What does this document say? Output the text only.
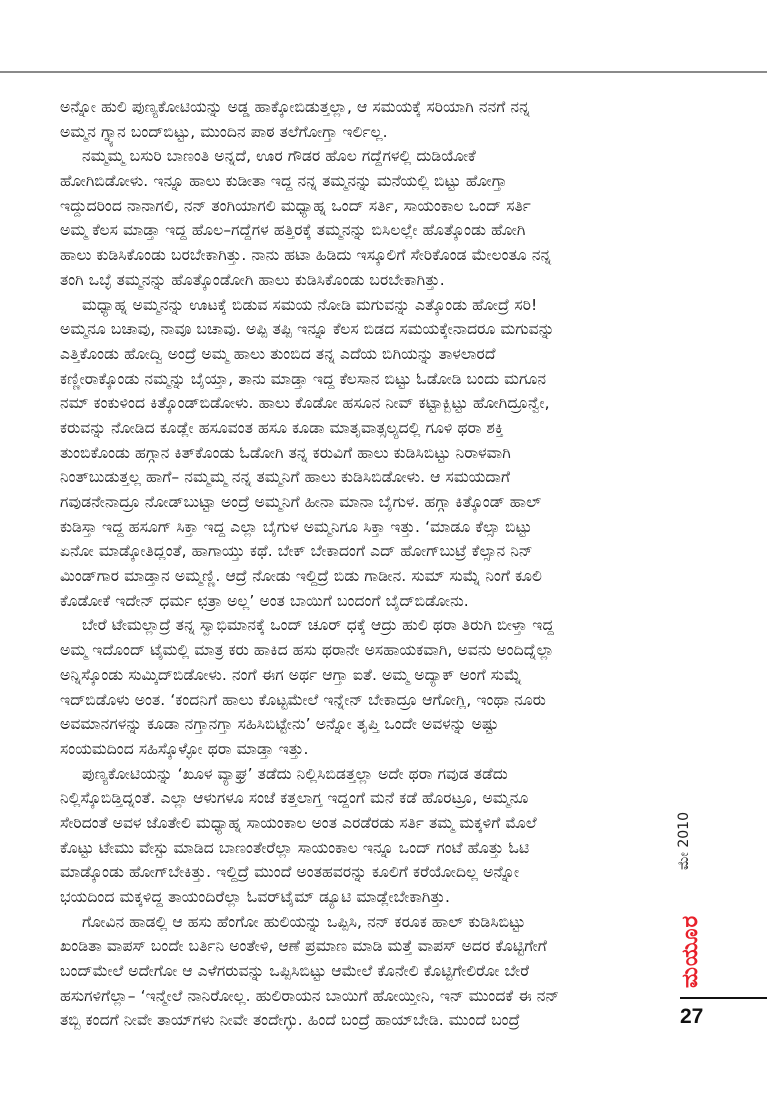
ಅನ್ನೋ ಹುಲಿ ಪುಣ್ಯಕೋಟಿಯನ್ನು ಅಡ್ಡ ಹಾಕ್ಕೋಬಿಡುತ್ತಲ್ಲಾ, ಆ ಸಮಯಕ್ಕೆ ಸರಿಯಾಗಿ ನನಗೆ ನನ್ನ
ಅಮ್ಮನ ಗ್ನ್ಯಾನ ಬಂದ್‌ಬಿಟ್ಟು, ಮುಂದಿನ ಪಾಠ ತಲೆಗೋಗ್ತಾ ಇರ್ಲಿಲ್ಲ.
ನಮ್ಮಮ್ಮ ಬಸುರಿ ಬಾಣಂತಿ ಅನ್ನದೆ, ಊರ ಗೌಡರ ಹೊಲ ಗದ್ದೆಗಳಲ್ಲಿ ದುಡಿಯೋಕೆ
ಹೋಗಿಬಿಡೋಳು. ಇನ್ನೂ ಹಾಲು ಕುಡೀತಾ ಇದ್ದ ನನ್ನ ತಮ್ಮನನ್ನು ಮನೆಯಲ್ಲಿ ಬಿಟ್ಟು ಹೋಗ್ತಾ
ಇದ್ದುದರಿಂದ ನಾನಾಗಲಿ, ನನ್ ತಂಗಿಯಾಗಲಿ ಮಧ್ಯಾಹ್ನ ಒಂದ್ ಸರ್ತಿ, ಸಾಯಂಕಾಲ ಒಂದ್ ಸರ್ತಿ
ಅಮ್ಮ ಕೆಲಸ ಮಾಡ್ತಾ ಇದ್ದ ಹೊಲ–ಗದ್ದೆಗಳ ಹತ್ತಿರಕ್ಕೆ ತಮ್ಮನನ್ನು ಬಿಸಿಲಲ್ಲೇ ಹೊತ್ಕೊಂಡು ಹೋಗಿ
ಹಾಲು ಕುಡಿಸಿಕೊಂಡು ಬರಬೇಕಾಗಿತ್ತು. ನಾನು ಹಟಾ ಹಿಡಿದು ಇಸ್ಕೂಲಿಗೆ ಸೇರಿಕೊಂಡ ಮೇಲಂತೂ ನನ್ನ
ತಂಗಿ ಒಬ್ಳೆ ತಮ್ಮನನ್ನು ಹೊತ್ಕೊಂಡೋಗಿ ಹಾಲು ಕುಡಿಸಿಕೊಂಡು ಬರಬೇಕಾಗಿತ್ತು.
ಮಧ್ಯಾಹ್ನ ಅಮ್ಮನನ್ನು ಊಟಕ್ಕೆ ಬಿಡುವ ಸಮಯ ನೋಡಿ ಮಗುವನ್ನು ಎತ್ಕೊಂಡು ಹೋದ್ರೆ ಸರಿ!
ಅಮ್ಮನೂ ಬಚಾವು, ನಾವೂ ಬಚಾವು. ಅಪ್ಪಿ ತಪ್ಪಿ ಇನ್ನೂ ಕೆಲಸ ಬಿಡದ ಸಮಯಕ್ಕೇನಾದರೂ ಮಗುವನ್ನು
ಎತ್ತಿಕೊಂಡು ಹೋದ್ವಿ ಅಂದ್ರೆ ಅಮ್ಮ ಹಾಲು ತುಂಬಿದ ತನ್ನ ಎದೆಯ ಬಿಗಿಯನ್ನು ತಾಳಲಾರದೆ
ಕಣ್ಣೀರಾಕ್ಕೊಂಡು ನಮ್ಮನ್ನು ಬೈಯ್ತಾ, ತಾನು ಮಾಡ್ತಾ ಇದ್ದ ಕೆಲಸಾನ ಬಿಟ್ಟು ಓಡೋಡಿ ಬಂದು ಮಗೂನ
ನಮ್ ಕಂಕುಳಿಂದ ಕಿತ್ಕೊಂಡ್‌ಬಿಡೋಳು. ಹಾಲು ಕೊಡೋ ಹಸೂನ ನೀವ್ ಕಟ್ಟಾಕ್ಬಿಟ್ಟು ಹೋಗಿದ್ರೂನ್ವೇ,
ಕರುವನ್ನು ನೋಡಿದ ಕೂಡ್ಲೇ ಹಸೂವಂತ ಹಸೂ ಕೂಡಾ ಮಾತೃವಾತ್ಸಲ್ಯದಲ್ಲಿ ಗೂಳಿ ಥರಾ ಶಕ್ತಿ
ತುಂಬಿಕೊಂಡು ಹಗ್ಗಾನ ಕಿತ್‌ಕೊಂಡು ಓಡೋಗಿ ತನ್ನ ಕರುವಿಗೆ ಹಾಲು ಕುಡಿಸಿಬಿಟ್ಟು ನಿರಾಳವಾಗಿ
ನಿಂತ್‌ಬುಡುತ್ತಲ್ಲ ಹಾಗೆ– ನಮ್ಮಮ್ಮ ನನ್ನ ತಮ್ಮನಿಗೆ ಹಾಲು ಕುಡಿಸಿಬಿಡೋಳು. ಆ ಸಮಯದಾಗೆ
ಗವುಡನೇನಾದ್ರೂ ನೋಡ್‌ಬುಟ್ಟಾ ಅಂದ್ರೆ ಅಮ್ಮನಿಗೆ ಹೀನಾ ಮಾನಾ ಬೈಗುಳ. ಹಗ್ಗಾ ಕಿತ್ಕೊಂಡ್ ಹಾಲ್
ಕುಡಿಸ್ತಾ ಇದ್ದ ಹಸೂಗ್ ಸಿಕ್ತಾ ಇದ್ದ ಎಲ್ಲಾ ಬೈಗುಳ ಅಮ್ಮನಿಗೂ ಸಿಕ್ತಾ ಇತ್ತು. ‘ಮಾಡೂ ಕೆಲ್ಸಾ ಬಿಟ್ಟು
ಏನೋ ಮಾಡ್ಕೋತಿದ್ಲಂತೆ, ಹಾಗಾಯ್ತು ಕಥೆ. ಬೇಕ್ ಬೇಕಾದಂಗೆ ಎದ್ ಹೋಗ್‌ಬುಟ್ರೆ ಕೆಲ್ಸಾನ ನಿನ್
ಮಿಂಡ್‌ಗಾರ ಮಾಡ್ತಾನ ಅಮ್ಮಣ್ಣಿ. ಆದ್ರೆ ನೋಡು ಇಲ್ದಿದ್ರೆ ಬಿಡು ಗಾಡೀನ. ಸುಮ್ ಸುಮ್ನೆ ನಿಂಗೆ ಕೂಲಿ
ಕೊಡೋಕೆ ಇದೇನ್ ಧರ್ಮ ಛತ್ರಾ ಅಲ್ಲ’ ಅಂತ ಬಾಯಿಗೆ ಬಂದಂಗೆ ಬೈದ್‌ಬಿಡೋನು.
ಬೇರೆ ಟೇಮಲ್ಲಾದ್ರೆ ತನ್ನ ಸ್ವಾಭಿಮಾನಕ್ಕೆ ಒಂದ್ ಚೂರ್ ಧಕ್ಕೆ ಆದ್ರು ಹುಲಿ ಥರಾ ತಿರುಗಿ ಬೀಳ್ತಾ ಇದ್ದ
ಅಮ್ಮ ಇದೊಂದ್ ಟೈಮಲ್ಲಿ ಮಾತ್ರ ಕರು ಹಾಕಿದ ಹಸು ಥರಾನೇ ಅಸಹಾಯಕವಾಗಿ, ಅವನು ಅಂದಿದ್ನೆಲ್ಲಾ
ಅನ್ನಿಸ್ಕೊಂಡು ಸುಮ್ಕಿದ್‌ಬಿಡೋಳು. ನಂಗೆ ಈಗ ಅರ್ಥ ಆಗ್ತಾ ಐತೆ. ಅಮ್ಮ ಅದ್ಯಾಕ್ ಅಂಗೆ ಸುಮ್ನೆ
ಇದ್‌ಬಿಡೊಳು ಅಂತ. ‘ಕಂದನಿಗೆ ಹಾಲು ಕೊಟ್ಟಮೇಲೆ ಇನ್ನೇನ್ ಬೇಕಾದ್ರೂ ಆಗೋಗ್ಲಿ, ಇಂಥಾ ನೂರು
ಅವಮಾನಗಳನ್ನು ಕೂಡಾ ನಗ್ತಾನಗ್ತಾ ಸಹಿಸಿಬಿಟ್ಟೇನು’ ಅನ್ನೋ ತೃಪ್ತಿ ಒಂದೇ ಅವಳನ್ನು ಅಷ್ಟು
ಸಂಯಮದಿಂದ ಸಹಿಸ್ಕೊಳ್ಳೋ ಥರಾ ಮಾಡ್ತಾ ಇತ್ತು.
ಪುಣ್ಯಕೋಟಿಯನ್ನು ‘ಖೂಳ ವ್ಯಾಘ್ರ’ ತಡೆದು ನಿಲ್ಲಿಸಿಬಿಡತ್ತಲ್ಲಾ ಅದೇ ಥರಾ ಗವುಡ ತಡೆದು
ನಿಲ್ಲಿಸ್ಕೊಬಿಡ್ತಿದ್ನಂತೆ. ಎಲ್ಲಾ ಆಳುಗಳೂ ಸಂಜೆ ಕತ್ತಲಾಗ್ತ ಇದ್ದಂಗೆ ಮನೆ ಕಡೆ ಹೊರಟ್ರೂ, ಅಮ್ಮನೂ
ಸೇರಿದಂತೆ ಅವಳ ಜೊತೇಲಿ ಮಧ್ಯಾಹ್ನ ಸಾಯಂಕಾಲ ಅಂತ ಎರಡೆರಡು ಸರ್ತಿ ತಮ್ಮ ಮಕ್ಕಳಿಗೆ ಮೊಲೆ
ಕೊಟ್ಟು ಟೇಮು ವೇಸ್ಟು ಮಾಡಿದ ಬಾಣಂತೇರೆಲ್ಲಾ ಸಾಯಂಕಾಲ ಇನ್ನೂ ಒಂದ್ ಗಂಟೆ ಹೊತ್ತು ಓಟಿ
ಮಾಡ್ಕೊಂಡು ಹೋಗ್‌ಬೇಕಿತ್ತು. ಇಲ್ದಿದ್ರೆ ಮುಂದೆ ಅಂತಹವರನ್ನು ಕೂಲಿಗೆ ಕರೆಯೋದಿಲ್ಲ ಅನ್ನೋ
ಭಯದಿಂದ ಮಕ್ಕಳಿದ್ದ ತಾಯಂದಿರೆಲ್ಲಾ ಓವರ್‌ಟೈಮ್ ಡ್ಯೂಟಿ ಮಾಡ್ಲೇಬೇಕಾಗಿತ್ತು.
ಗೋವಿನ ಹಾಡಲ್ಲಿ ಆ ಹಸು ಹೆಂಗೋ ಹುಲಿಯನ್ನು ಒಪ್ಪಿಸಿ, ನನ್ ಕರೂಕ ಹಾಲ್ ಕುಡಿಸಿಬಿಟ್ಟು
ಖಂಡಿತಾ ವಾಪಸ್ ಬಂದೇ ಬರ್ತಿನಿ ಅಂತೇಳಿ, ಆಣೆ ಪ್ರಮಾಣ ಮಾಡಿ ಮತ್ತೆ ವಾಪಸ್ ಅದರ ಕೊಟ್ಟಿಗೇಗೆ
ಬಂದ್‌ಮೇಲೆ ಅದೇಗೋ ಆ ಎಳೆಗರುವನ್ನು ಒಪ್ಪಿಸಿಬಿಟ್ಟು ಆಮೇಲೆ ಕೊನೇಲಿ ಕೊಟ್ಟಿಗೇಲಿರೋ ಬೇರೆ
ಹಸುಗಳಿಗೆಲ್ಲಾ– ‘ಇನ್ಮೇಲೆ ನಾನಿರೋಲ್ಲ. ಹುಲಿರಾಯನ ಬಾಯಿಗೆ ಹೋಯ್ತೀನಿ, ಇನ್ ಮುಂದಕೆ ಈ ನನ್
ತಬ್ಬಿ ಕಂದಗೆ ನೀವೇ ತಾಯ್‌ಗಳು ನೀವೇ ತಂದೇಗ್ಳು. ಹಿಂದೆ ಬಂದ್ರೆ ಹಾಯ್‌ಬೇಡಿ. ಮುಂದೆ ಬಂದ್ರೆ
ಮೇ 2010
ಮಯೂರ
27
